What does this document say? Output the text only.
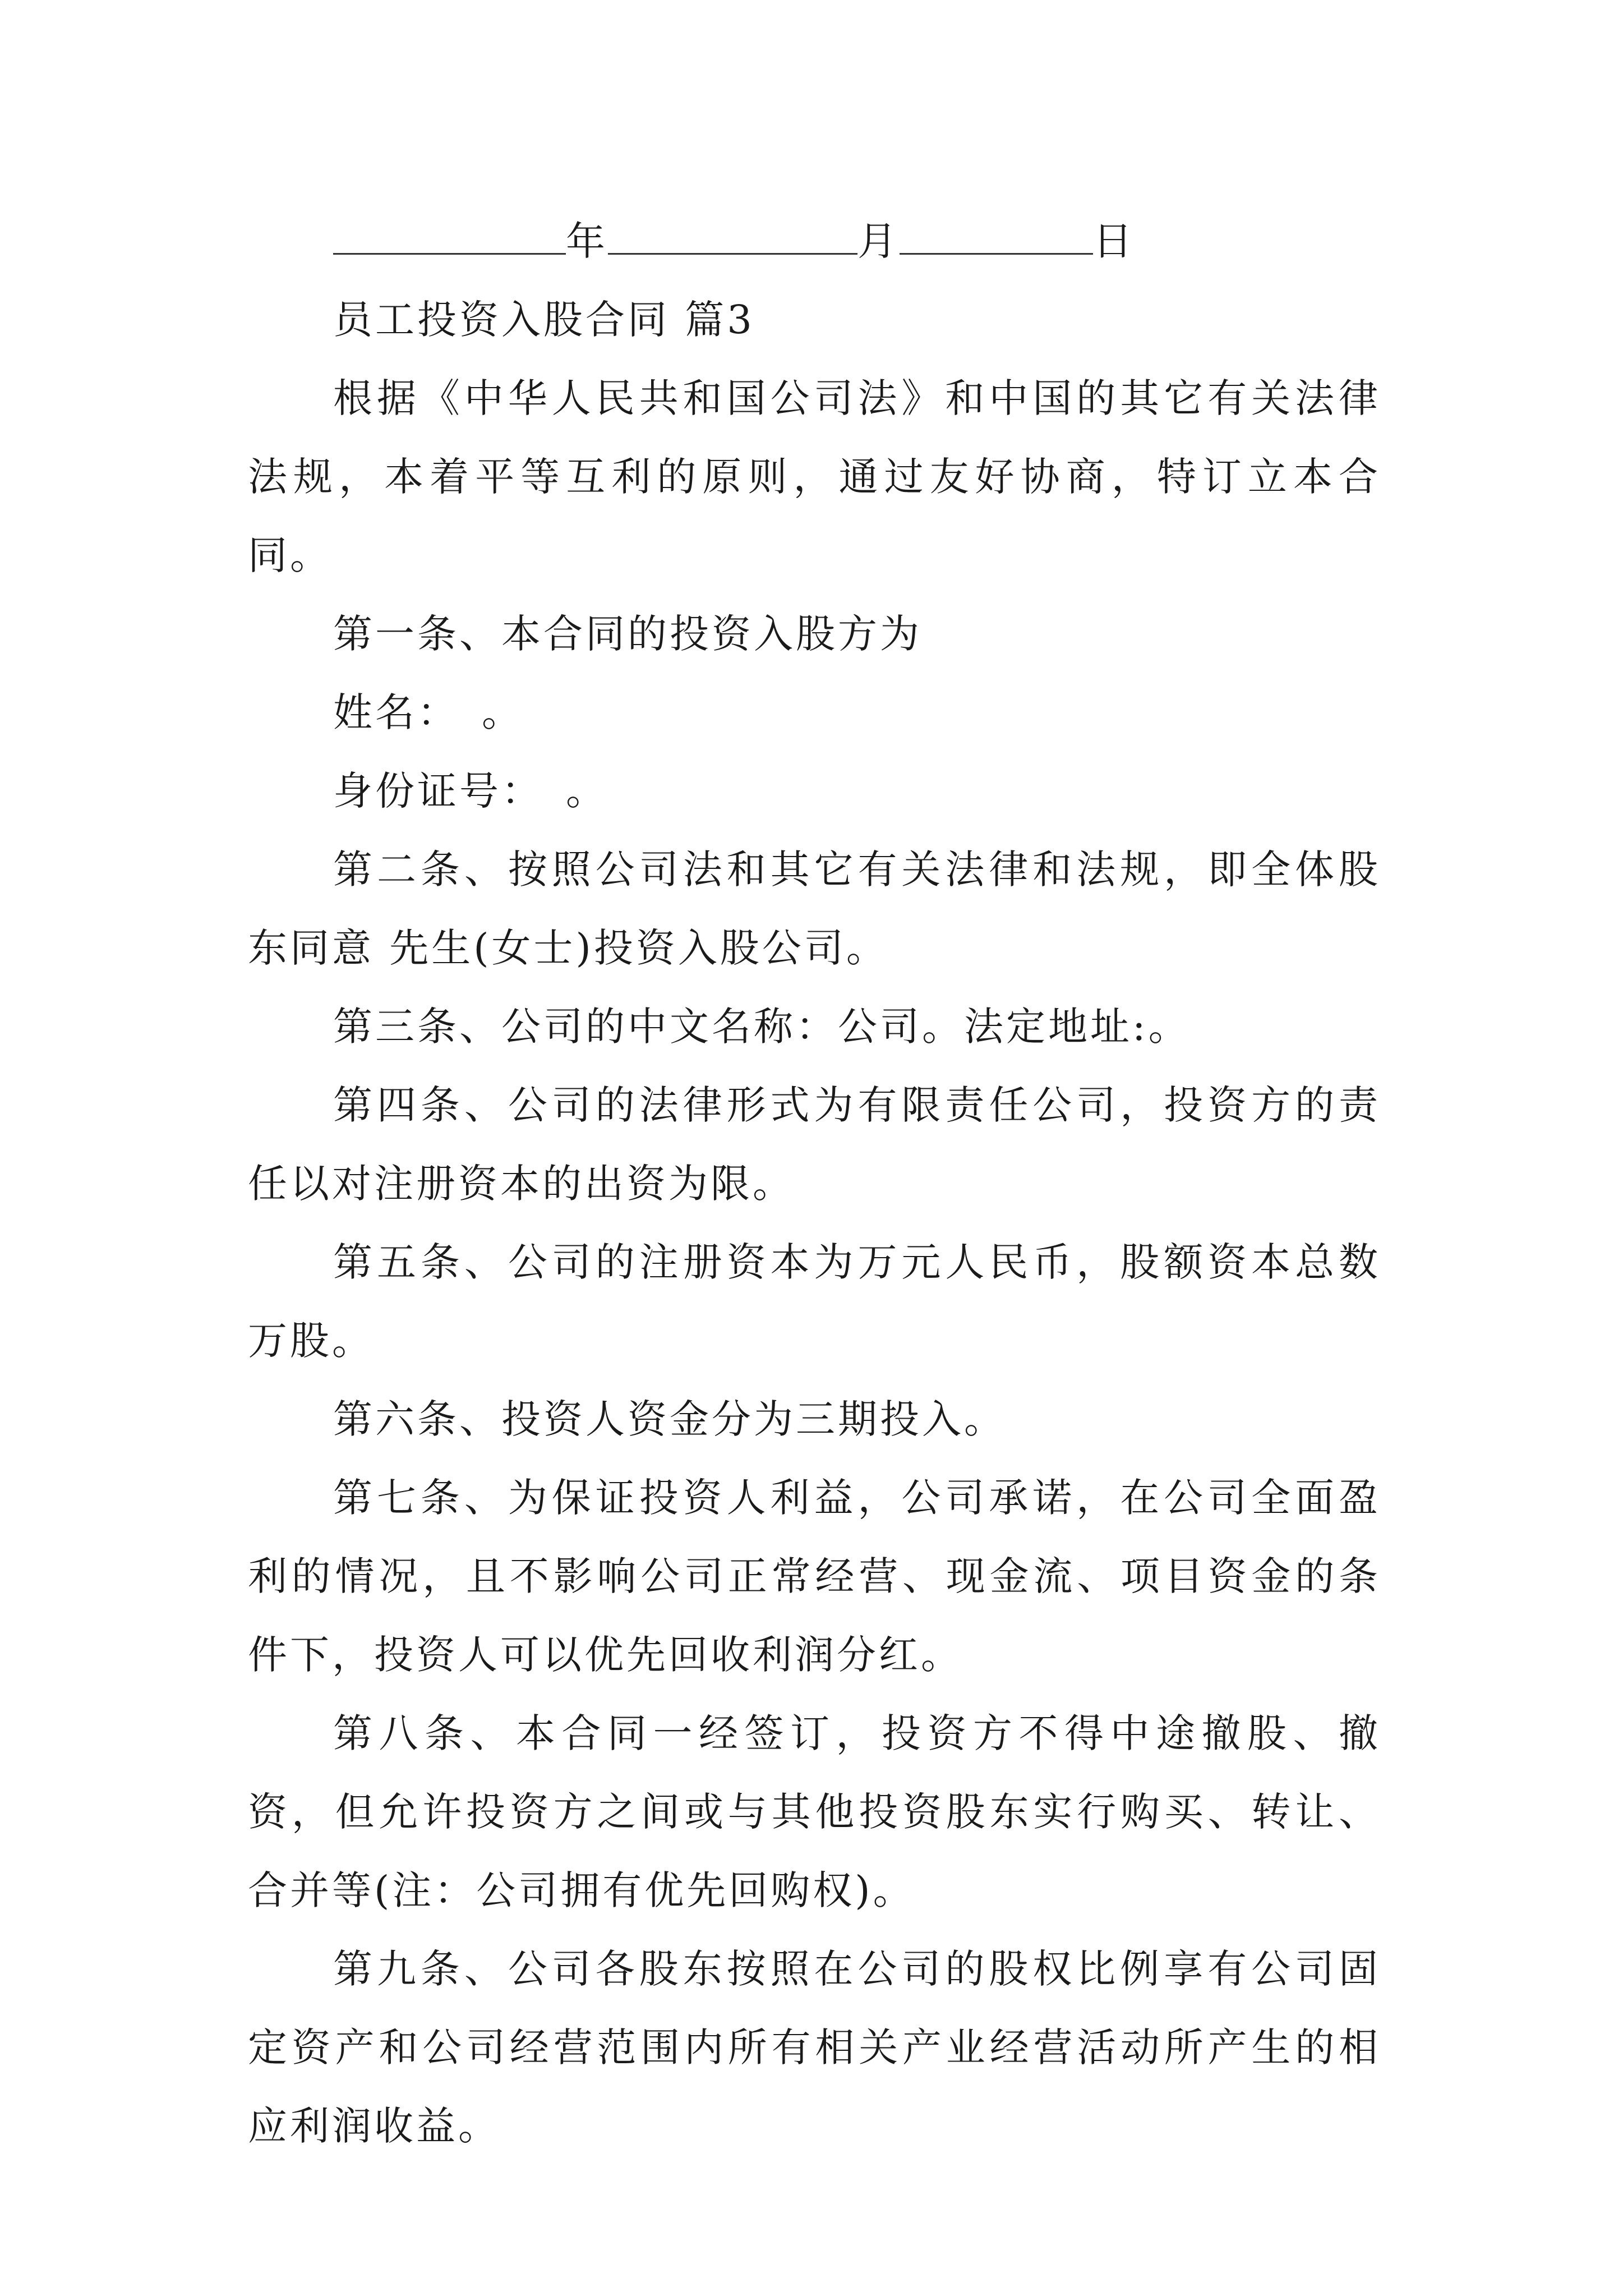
年	月	日

员工投资入股合同 篇3

根据《中华人民共和国公司法》和中国的其它有关法律法规，本着平等互利的原则，通过友好协商，特订立本合同。

第一条、本合同的投资入股方为

姓名： 。

身份证号： 。

第二条、按照公司法和其它有关法律和法规，即全体股东同意 先生(女士)投资入股公司。

第三条、公司的中文名称：公司。法定地址:。

第四条、公司的法律形式为有限责任公司，投资方的责任以对注册资本的出资为限。

第五条、公司的注册资本为万元人民币，股额资本总数万股。

第六条、投资人资金分为三期投入。

第七条、为保证投资人利益，公司承诺，在公司全面盈利的情况，且不影响公司正常经营、现金流、项目资金的条件下，投资人可以优先回收利润分红。

第八条、本合同一经签订，投资方不得中途撤股、撤资，但允许投资方之间或与其他投资股东实行购买、转让、合并等(注：公司拥有优先回购权)。

第九条、公司各股东按照在公司的股权比例享有公司固定资产和公司经营范围内所有相关产业经营活动所产生的相应利润收益。
